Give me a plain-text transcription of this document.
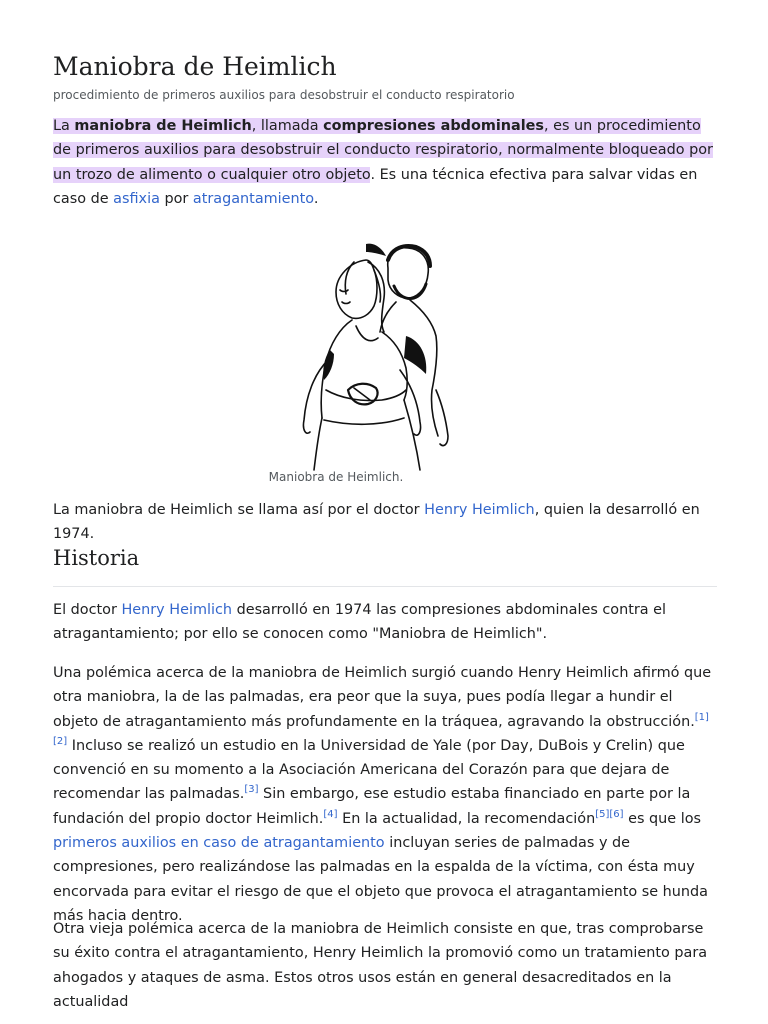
Maniobra de Heimlich
procedimiento de primeros auxilios para desobstruir el conducto respiratorio

La maniobra de Heimlich, llamada compresiones abdominales, es un procedimiento de primeros auxilios para desobstruir el conducto respiratorio, normalmente bloqueado por un trozo de alimento o cualquier otro objeto. Es una técnica efectiva para salvar vidas en caso de asfixia por atragantamiento.

Maniobra de Heimlich.

La maniobra de Heimlich se llama así por el doctor Henry Heimlich, quien la desarrolló en 1974.

Historia

El doctor Henry Heimlich desarrolló en 1974 las compresiones abdominales contra el atragantamiento; por ello se conocen como "Maniobra de Heimlich".

Una polémica acerca de la maniobra de Heimlich surgió cuando Henry Heimlich afirmó que otra maniobra, la de las palmadas, era peor que la suya, pues podía llegar a hundir el objeto de atragantamiento más profundamente en la tráquea, agravando la obstrucción.[1] [2] Incluso se realizó un estudio en la Universidad de Yale (por Day, DuBois y Crelin) que convenció en su momento a la Asociación Americana del Corazón para que dejara de recomendar las palmadas.[3] Sin embargo, ese estudio estaba financiado en parte por la fundación del propio doctor Heimlich.[4] En la actualidad, la recomendación[5][6] es que los primeros auxilios en caso de atragantamiento incluyan series de palmadas y de compresiones, pero realizándose las palmadas en la espalda de la víctima, con ésta muy encorvada para evitar el riesgo de que el objeto que provoca el atragantamiento se hunda más hacia dentro.

Otra vieja polémica acerca de la maniobra de Heimlich consiste en que, tras comprobarse su éxito contra el atragantamiento, Henry Heimlich la promovió como un tratamiento para ahogados y ataques de asma. Estos otros usos están en general desacreditados en la actualidad
